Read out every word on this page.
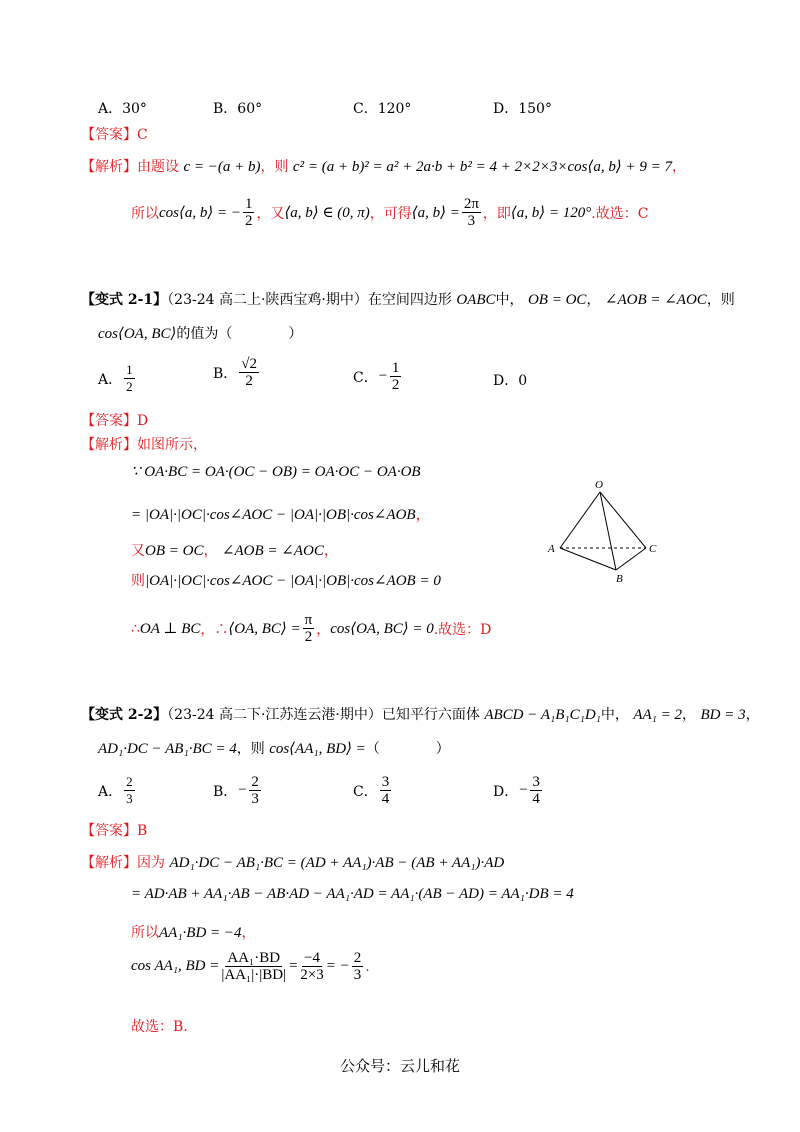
A．30°	B．60°	C．120°	D．150°
【答案】C
【解析】由题设 c = −(a + b)，则 c² = (a + b)² = a² + 2a·b + b² = 4 + 2×2×3×cos⟨a, b⟩ + 9 = 7，
所以 cos⟨a, b⟩ = − $\frac{1}{2}$ ，又 ⟨a, b⟩ ∈ (0, π) ，可得 ⟨a, b⟩ = $\frac{2\pi}{3}$ ，即 ⟨a, b⟩ = 120° .故选：C
【变式 2-1】（23-24 高二上·陕西宝鸡·期中）在空间四边形 OABC中， OB = OC， ∠AOB = ∠AOC，则
cos⟨OA, BC⟩的值为（　　　　）
A． $\frac{1}{2}$	B． $\frac{√2}{2}$	C． − $\frac{1}{2}$	D．0
【答案】D
【解析】如图所示，
∵ OA·BC = OA·(OC − OB) = OA·OC − OA·OB
= |OA|·|OC|·cos∠AOC − |OA|·|OB|·cos∠AOB，
又OB = OC， ∠AOB = ∠AOC，
则|OA|·|OC|·cos∠AOC − |OA|·|OB|·cos∠AOB = 0
∴ OA ⊥ BC ，∴ ⟨OA, BC⟩ = $\frac{\pi}{2}$ ， cos⟨OA, BC⟩ = 0 .故选：D
O
A	C
B
【变式 2-2】（23-24 高二下·江苏连云港·期中）已知平行六面体 ABCD − A₁B₁C₁D₁中， AA₁ = 2， BD = 3，
AD₁·DC − AB₁·BC = 4，则 cos⟨AA₁, BD⟩ =（　　　　）
A． $\frac{2}{3}$	B． − $\frac{2}{3}$	C． $\frac{3}{4}$	D． − $\frac{3}{4}$
【答案】B
【解析】因为 AD₁·DC − AB₁·BC = (AD + AA₁)·AB − (AB + AA₁)·AD
= AD·AB + AA₁·AB − AB·AD − AA₁·AD = AA₁·(AB − AD) = AA₁·DB = 4
所以AA₁·BD = −4，
cos AA₁, BD = $\frac{\text{AA₁·BD}}{\text{|AA₁|·|BD|}} = \frac{-4}{2\times 3}$ = − $\frac{2}{3}$ .
故选：B.
公众号：云儿和花
